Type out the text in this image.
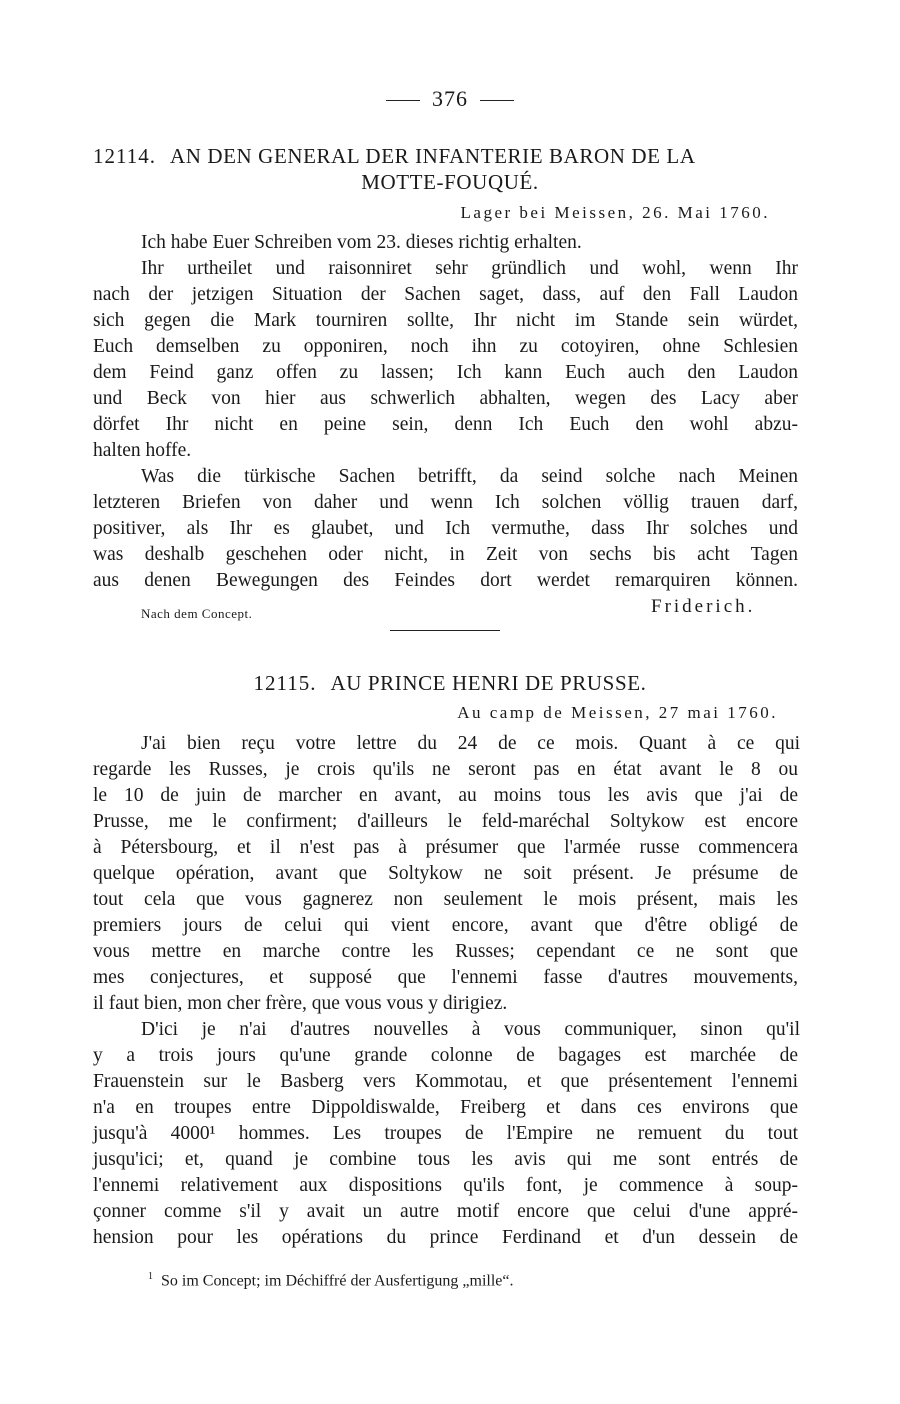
376
12114. AN DEN GENERAL DER INFANTERIE BARON DE LA
MOTTE-FOUQUÉ.
Lager bei Meissen, 26. Mai 1760.
Ich habe Euer Schreiben vom 23. dieses richtig erhalten.
Ihr urtheilet und raisonniret sehr gründlich und wohl, wenn Ihr
nach der jetzigen Situation der Sachen saget, dass, auf den Fall Laudon
sich gegen die Mark tourniren sollte, Ihr nicht im Stande sein würdet,
Euch demselben zu opponiren, noch ihn zu cotoyiren, ohne Schlesien
dem Feind ganz offen zu lassen; Ich kann Euch auch den Laudon
und Beck von hier aus schwerlich abhalten, wegen des Lacy aber
dörfet Ihr nicht en peine sein, denn Ich Euch den wohl abzu-
halten hoffe.
Was die türkische Sachen betrifft, da seind solche nach Meinen
letzteren Briefen von daher und wenn Ich solchen völlig trauen darf,
positiver, als Ihr es glaubet, und Ich vermuthe, dass Ihr solches und
was deshalb geschehen oder nicht, in Zeit von sechs bis acht Tagen
aus denen Bewegungen des Feindes dort werdet remarquiren können.
Nach dem Concept.	Friderich.
12115. AU PRINCE HENRI DE PRUSSE.
Au camp de Meissen, 27 mai 1760.
J'ai bien reçu votre lettre du 24 de ce mois. Quant à ce qui
regarde les Russes, je crois qu'ils ne seront pas en état avant le 8 ou
le 10 de juin de marcher en avant, au moins tous les avis que j'ai de
Prusse, me le confirment; d'ailleurs le feld-maréchal Soltykow est encore
à Pétersbourg, et il n'est pas à présumer que l'armée russe commencera
quelque opération, avant que Soltykow ne soit présent. Je présume de
tout cela que vous gagnerez non seulement le mois présent, mais les
premiers jours de celui qui vient encore, avant que d'être obligé de
vous mettre en marche contre les Russes; cependant ce ne sont que
mes conjectures, et supposé que l'ennemi fasse d'autres mouvements,
il faut bien, mon cher frère, que vous vous y dirigiez.
D'ici je n'ai d'autres nouvelles à vous communiquer, sinon qu'il
y a trois jours qu'une grande colonne de bagages est marchée de
Frauenstein sur le Basberg vers Kommotau, et que présentement l'ennemi
n'a en troupes entre Dippoldiswalde, Freiberg et dans ces environs que
jusqu'à 4000¹ hommes. Les troupes de l'Empire ne remuent du tout
jusqu'ici; et, quand je combine tous les avis qui me sont entrés de
l'ennemi relativement aux dispositions qu'ils font, je commence à soup-
çonner comme s'il y avait un autre motif encore que celui d'une appré-
hension pour les opérations du prince Ferdinand et d'un dessein de
$^1$ So im Concept; im Déchiffré der Ausfertigung „mille“.
